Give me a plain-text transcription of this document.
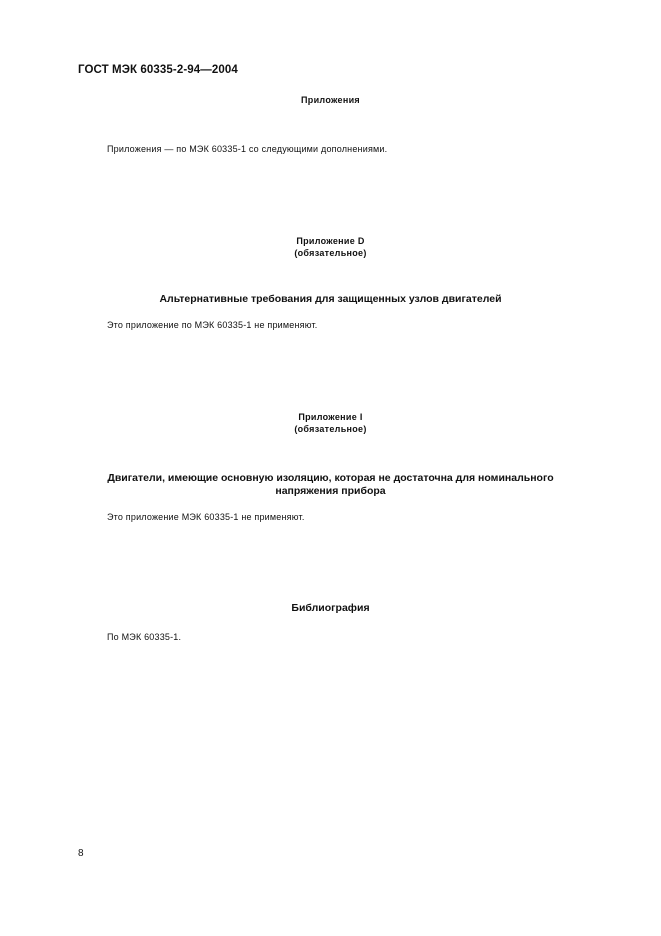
ГОСТ МЭК 60335-2-94—2004
Приложения
Приложения — по МЭК 60335-1 со следующими дополнениями.
Приложение D
(обязательное)
Альтернативные требования для защищенных узлов двигателей
Это приложение по МЭК 60335-1 не применяют.
Приложение I
(обязательное)
Двигатели, имеющие основную изоляцию, которая не достаточна для номинального
напряжения прибора
Это приложение МЭК 60335-1 не применяют.
Библиография
По МЭК 60335-1.
8
